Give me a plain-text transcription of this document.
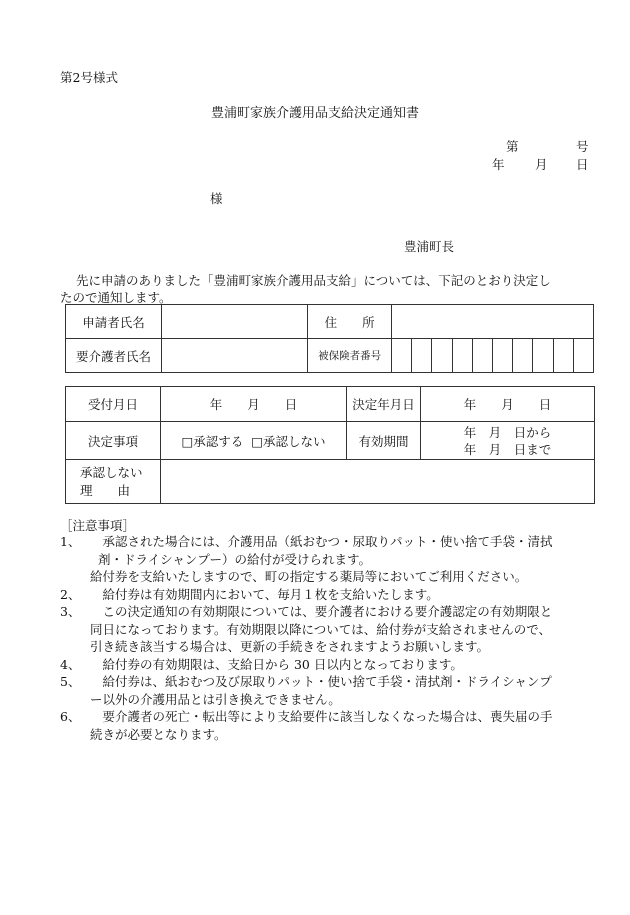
第2号様式
豊浦町家族介護用品支給決定通知書
第	号
年 月 日
様
豊浦町長
先に申請のありました「豊浦町家族介護用品支給」については、下記のとおり決定し
たので通知します。
申請者氏名		住　　所										
要介護者氏名		被保険者番号										
受付月日	年　　月　　日	決定年月日	年　　月　　日
決定事項	□承認する □承認しない	有効期間	年　月　日から
年　月　日まで

承認しない
理　　由			

［注意事項］
1、 　承認された場合には、介護用品（紙おむつ・尿取りパット・使い捨て手袋・清拭
剤・ドライシャンプー）の給付が受けられます。
給付券を支給いたしますので、町の指定する薬局等においてご利用ください。
2、 　給付券は有効期間内において、毎月１枚を支給いたします。
3、 　この決定通知の有効期限については、要介護者における要介護認定の有効期限と
同日になっております。有効期限以降については、給付券が支給されませんので、
引き続き該当する場合は、更新の手続きをされますようお願いします。
4、 　給付券の有効期限は、支給日から 30 日以内となっております。
5、 　給付券は、紙おむつ及び尿取りパット・使い捨て手袋・清拭剤・ドライシャンプ
ー以外の介護用品とは引き換えできません。
6、 　要介護者の死亡・転出等により支給要件に該当しなくなった場合は、喪失届の手
続きが必要となります。
